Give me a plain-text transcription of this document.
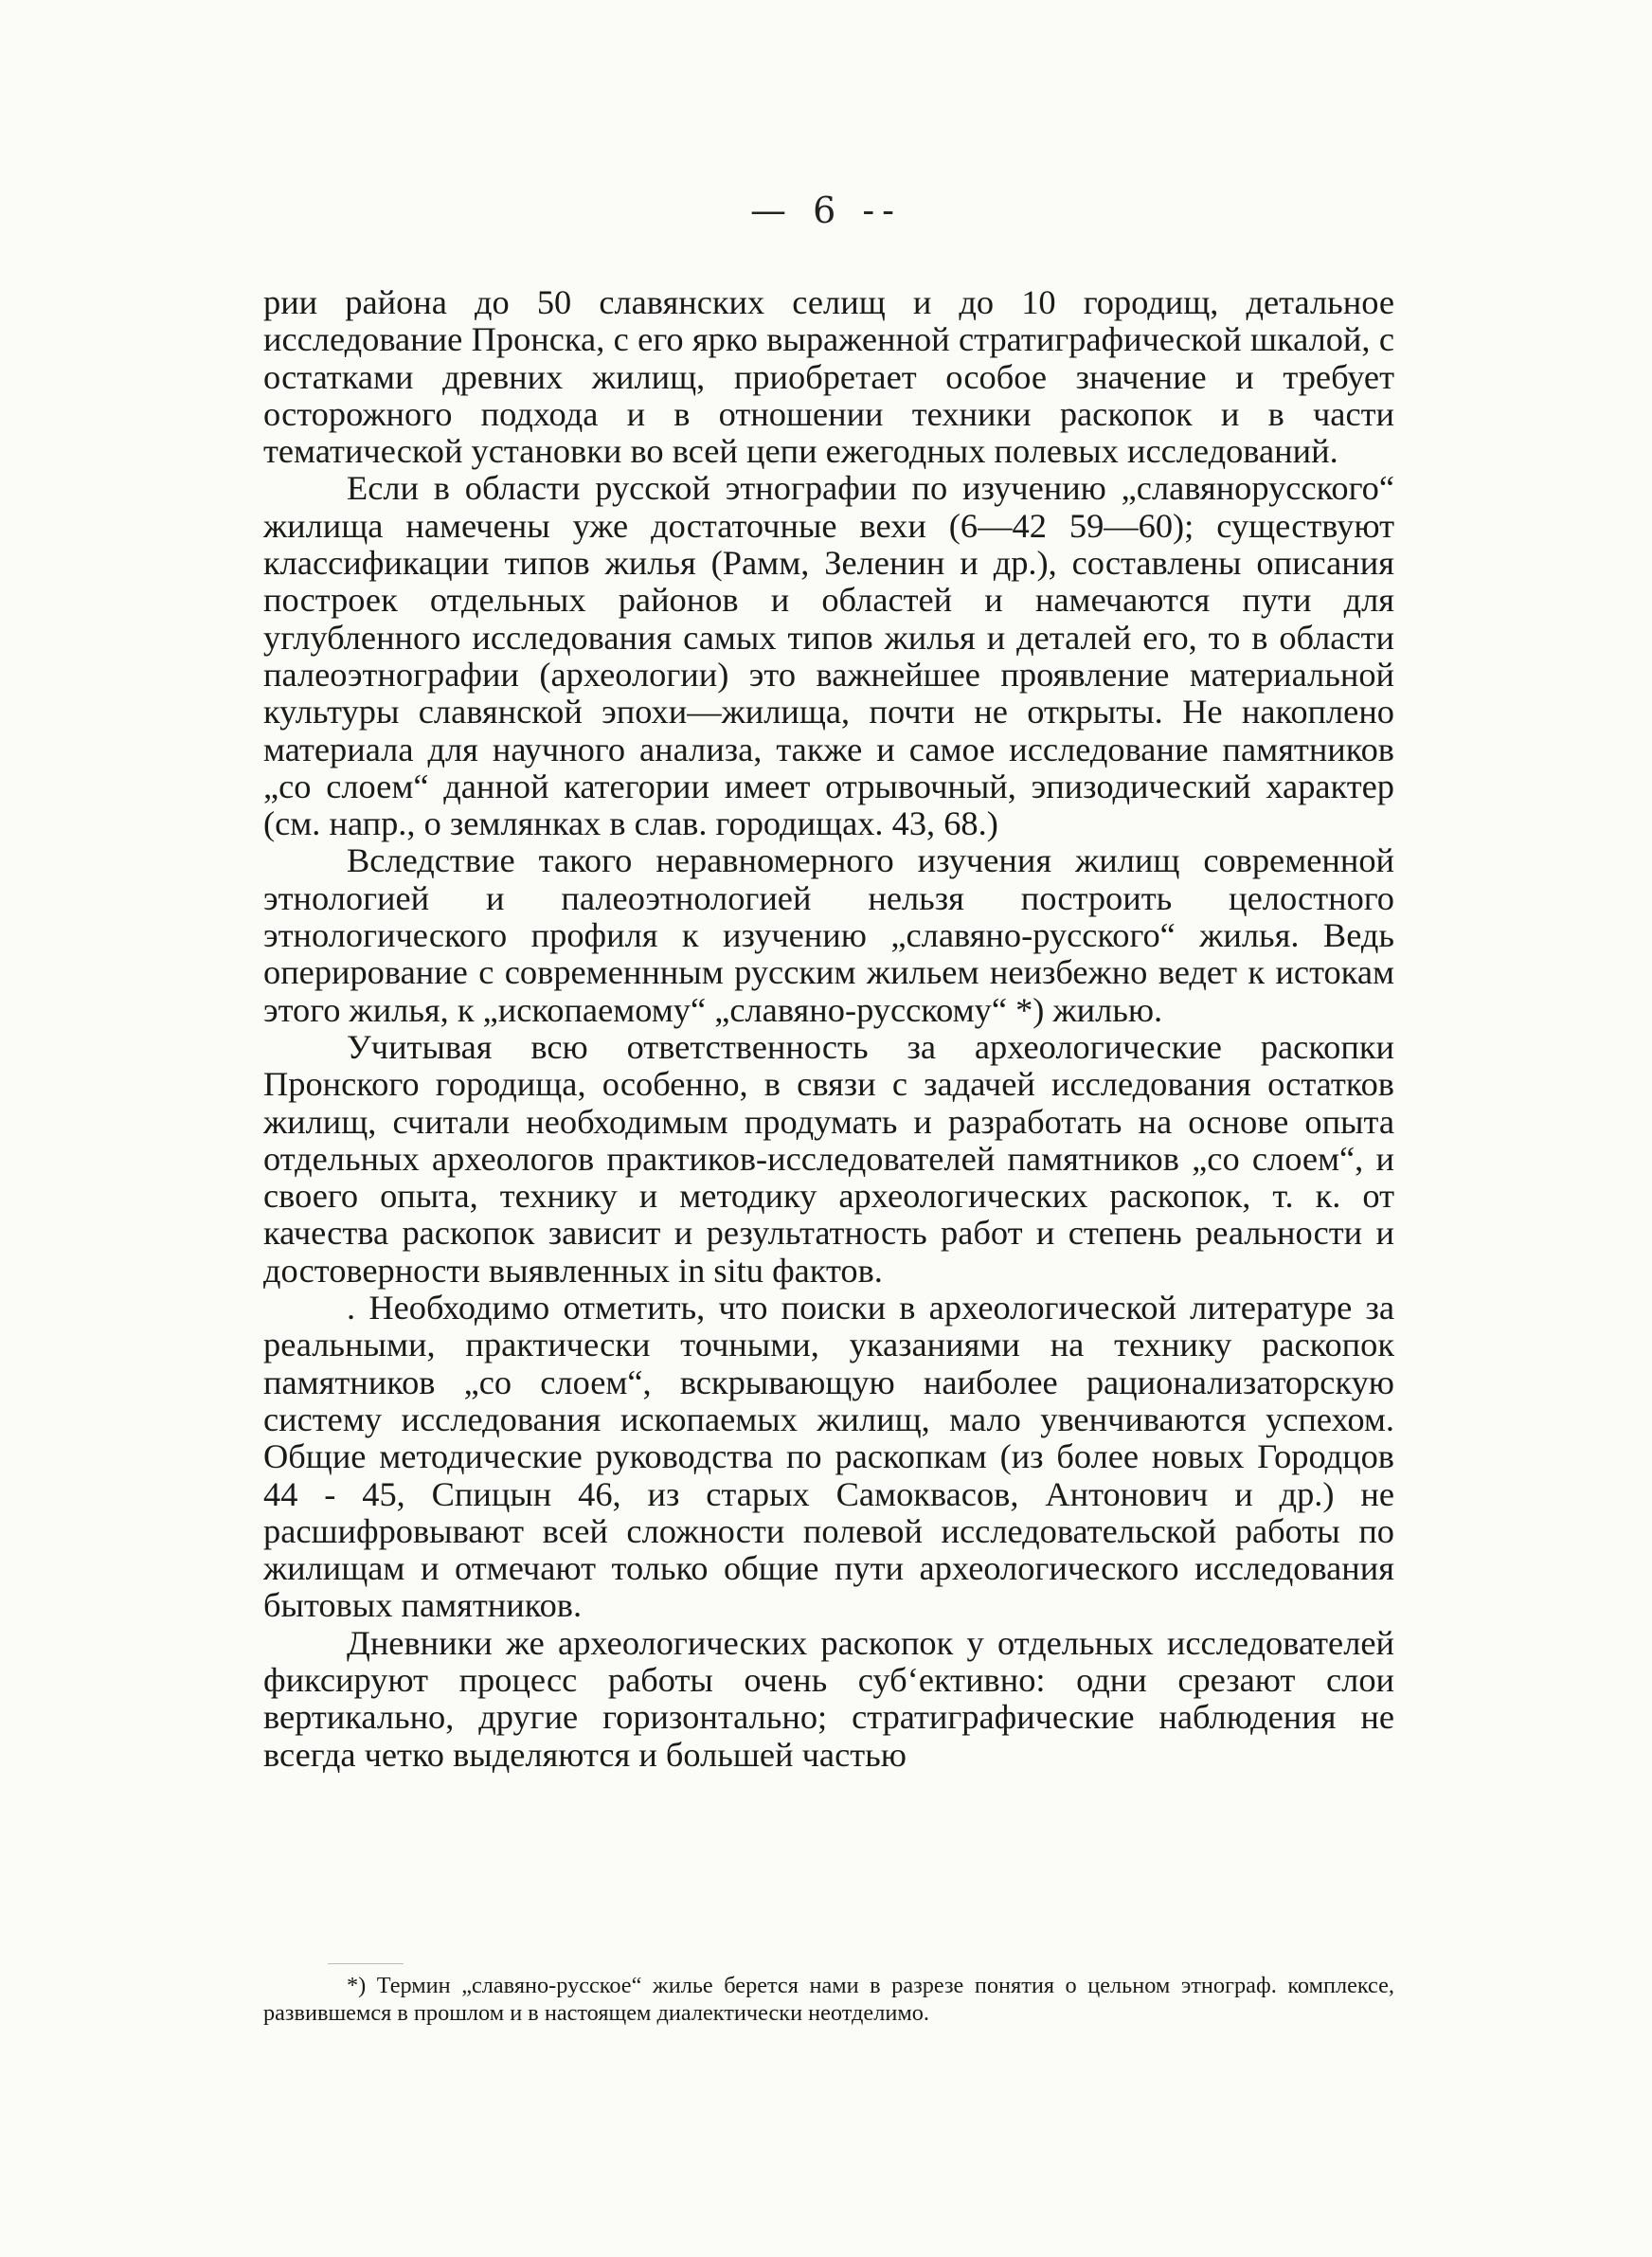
— 6 --

рии района до 50 славянских селищ и до 10 городищ, детальное исследование Пронска, с его ярко выраженной стратиграфической шкалой, с остатками древних жилищ, приобретает особое значение и требует осторожного подхода и в отношении техники раскопок и в части тематической установки во всей цепи ежегодных полевых исследований.

Если в области русской этнографии по изучению „славянорусского“ жилища намечены уже достаточные вехи (6—42 59—60); существуют классификации типов жилья (Рамм, Зеленин и др.), составлены описания построек отдельных районов и областей и намечаются пути для углубленного исследования самых типов жилья и деталей его, то в области палеоэтнографии (археологии) это важнейшее проявление материальной культуры славянской эпохи—жилища, почти не открыты. Не накоплено материала для научного анализа, также и самое исследование памятников „со слоем“ данной категории имеет отрывочный, эпизодический характер (см. напр., о землянках в слав. городищах. 43, 68.)

Вследствие такого неравномерного изучения жилищ современной этнологией и палеоэтнологией нельзя построить целостного этнологического профиля к изучению „славяно-русского“ жилья. Ведь оперирование с современнным русским жильем неизбежно ведет к истокам этого жилья, к „ископаемому“ „славяно-русскому“ *) жилью.

Учитывая всю ответственность за археологические раскопки Пронского городища, особенно, в связи с задачей исследования остатков жилищ, считали необходимым продумать и разработать на основе опыта отдельных археологов практиков-исследователей памятников „со слоем“, и своего опыта, технику и методику археологических раскопок, т. к. от качества раскопок зависит и результатность работ и степень реальности и достоверности выявленных in situ фактов.

. Необходимо отметить, что поиски в археологической литературе за реальными, практически точными, указаниями на технику раскопок памятников „со слоем“, вскрывающую наиболее рационализаторскую систему исследования ископаемых жилищ, мало увенчиваются успехом. Общие методические руководства по раскопкам (из более новых Городцов 44 - 45, Спицын 46, из старых Самоквасов, Антонович и др.) не расшифровывают всей сложности полевой исследовательской работы по жилищам и отмечают только общие пути археологического исследования бытовых памятников.

Дневники же археологических раскопок у отдельных исследователей фиксируют процесс работы очень суб‘ективно: одни срезают слои вертикально, другие горизонтально; стратиграфические наблюдения не всегда четко выделяются и большей частью

*) Термин „славяно-русское“ жилье берется нами в разрезе понятия о цельном этнограф. комплексе, развившемся в прошлом и в настоящем диалектически неотделимо.
